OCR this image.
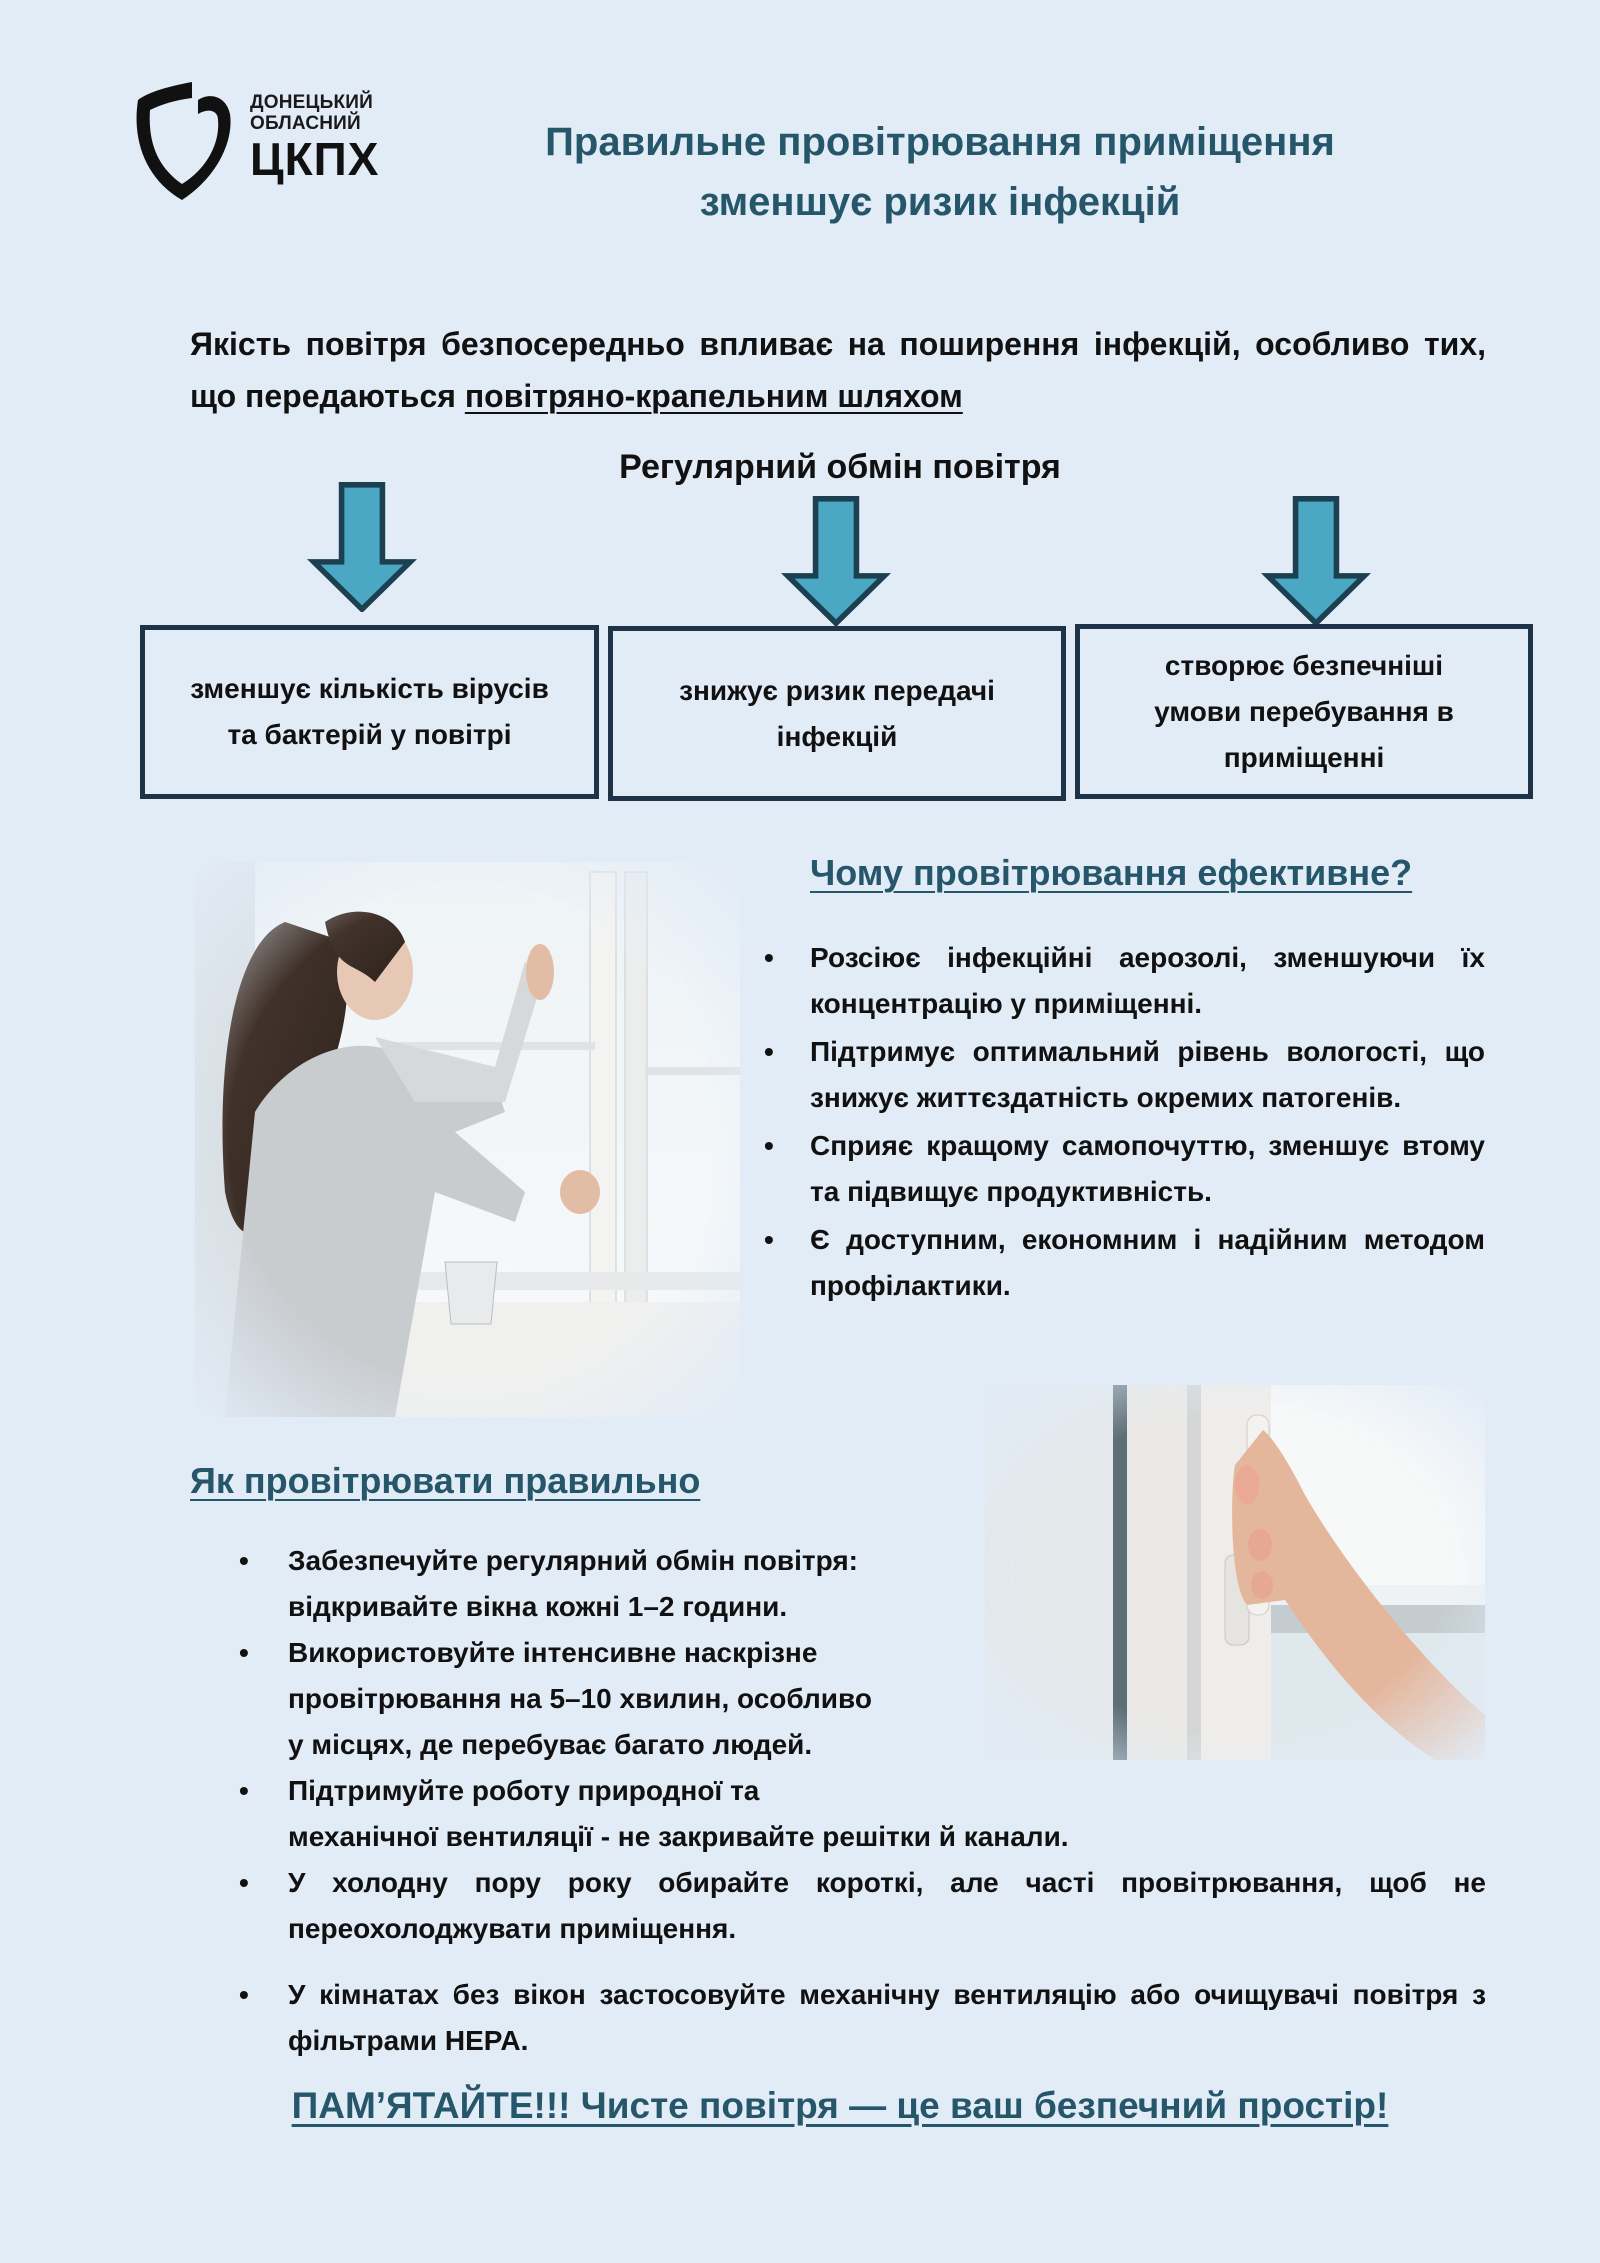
ДОНЕЦЬКИЙ
ОБЛАСНИЙ
ЦКПХ	Правильне провітрювання приміщення
зменшує ризик інфекцій
Якість повітря безпосередньо впливає на поширення інфекцій, особливо тих, що передаються повітряно-крапельним шляхом
Регулярний обмін повітря
зменшує кількість вірусів
та бактерій у повітрі
знижує ризик передачі
інфекцій
створює безпечніші
умови перебування в
приміщенні
Чому провітрювання ефективне?
• Розсіює інфекційні аерозолі, зменшуючи їх концентрацію у приміщенні.
• Підтримує оптимальний рівень вологості, що знижує життєздатність окремих патогенів.
• Сприяє кращому самопочуттю, зменшує втому та підвищує продуктивність.
• Є доступним, економним і надійним методом профілактики.
Як провітрювати правильно
• Забезпечуйте регулярний обмін повітря:
відкривайте вікна кожні 1–2 години.
• Використовуйте інтенсивне наскрізне
провітрювання на 5–10 хвилин, особливо
у місцях, де перебуває багато людей.
• Підтримуйте роботу природної та
механічної вентиляції - не закривайте решітки й канали.
• У холодну пору року обирайте короткі, але часті провітрювання, щоб не переохолоджувати приміщення.
• У кімнатах без вікон застосовуйте механічну вентиляцію або очищувачі повітря з фільтрами HEPA.
ПАМ’ЯТАЙТЕ!!! Чисте повітря — це ваш безпечний простір!
